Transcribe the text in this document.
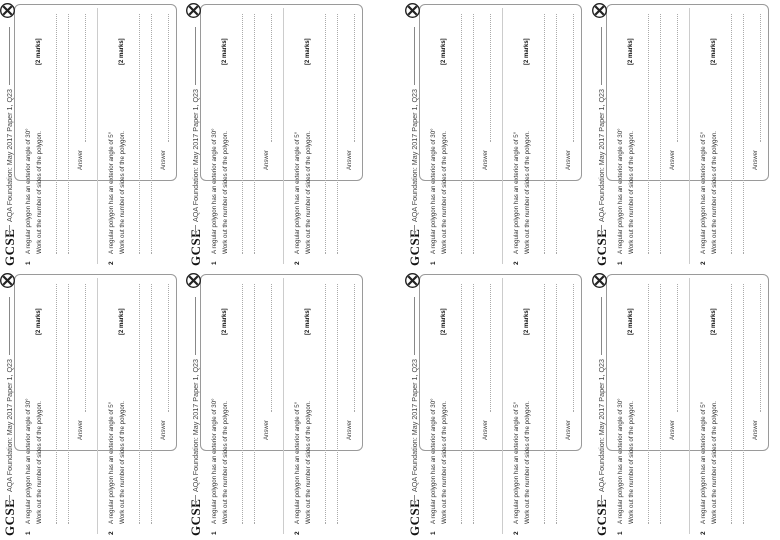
GCSE
AQA Foundation: May 2017 Paper 1, Q23
1
A regular polygon has an exterior angle of 30° Work out the number of sides of the polygon.
[2 marks]
Answer
2
A regular polygon has an exterior angle of 5° Work out the number of sides of the polygon.
[2 marks]
Answer
GCSE
AQA Foundation: May 2017 Paper 1, Q23
1
A regular polygon has an exterior angle of 30° Work out the number of sides of the polygon.
[2 marks]
Answer
2
A regular polygon has an exterior angle of 5° Work out the number of sides of the polygon.
[2 marks]
Answer
GCSE
AQA Foundation: May 2017 Paper 1, Q23
1
A regular polygon has an exterior angle of 30° Work out the number of sides of the polygon.
[2 marks]
Answer
2
A regular polygon has an exterior angle of 5° Work out the number of sides of the polygon.
[2 marks]
Answer
GCSE
AQA Foundation: May 2017 Paper 1, Q23
1
A regular polygon has an exterior angle of 30° Work out the number of sides of the polygon.
[2 marks]
Answer
2
A regular polygon has an exterior angle of 5° Work out the number of sides of the polygon.
[2 marks]
Answer
GCSE
AQA Foundation: May 2017 Paper 1, Q23
1
A regular polygon has an exterior angle of 30° Work out the number of sides of the polygon.
[2 marks]
Answer
2
A regular polygon has an exterior angle of 5° Work out the number of sides of the polygon.
[2 marks]
Answer
GCSE
AQA Foundation: May 2017 Paper 1, Q23
1
A regular polygon has an exterior angle of 30° Work out the number of sides of the polygon.
[2 marks]
Answer
2
A regular polygon has an exterior angle of 5° Work out the number of sides of the polygon.
[2 marks]
Answer
GCSE
AQA Foundation: May 2017 Paper 1, Q23
1
A regular polygon has an exterior angle of 30° Work out the number of sides of the polygon.
[2 marks]
Answer
2
A regular polygon has an exterior angle of 5° Work out the number of sides of the polygon.
[2 marks]
Answer
GCSE
AQA Foundation: May 2017 Paper 1, Q23
1
A regular polygon has an exterior angle of 30° Work out the number of sides of the polygon.
[2 marks]
Answer
2
A regular polygon has an exterior angle of 5° Work out the number of sides of the polygon.
[2 marks]
Answer
